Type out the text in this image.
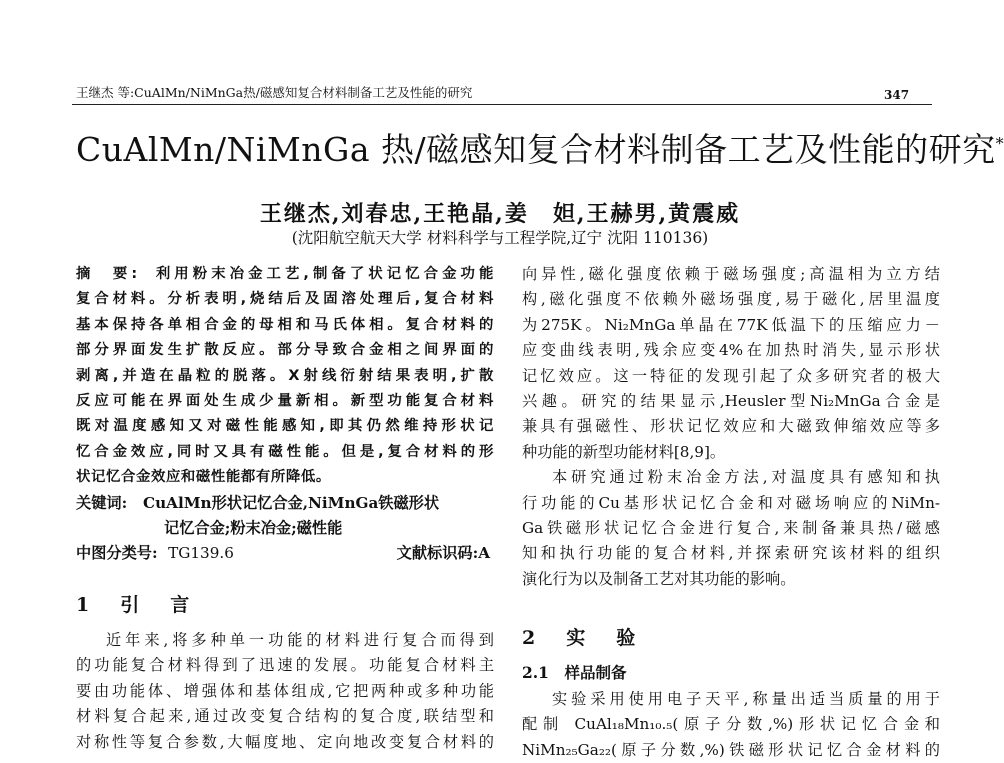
王继杰 等:CuAlMn/NiMnGa热/磁感知复合材料制备工艺及性能的研究	347
CuAlMn/NiMnGa 热/磁感知复合材料制备工艺及性能的研究*
王继杰,刘春忠,王艳晶,姜　妲,王赫男,黄震威
(沈阳航空航天大学 材料科学与工程学院,辽宁 沈阳 110136)
摘　要: 利用粉末冶金工艺,制备了状记忆合金功能
复合材料。分析表明,烧结后及固溶处理后,复合材料
基本保持各单相合金的母相和马氏体相。复合材料的
部分界面发生扩散反应。部分导致合金相之间界面的
剥离,并造在晶粒的脱落。X射线衍射结果表明,扩散
反应可能在界面处生成少量新相。新型功能复合材料
既对温度感知又对磁性能感知,即其仍然维持形状记
忆合金效应,同时又具有磁性能。但是,复合材料的形
状记忆合金效应和磁性能都有所降低。
关键词: CuAlMn形状记忆合金,NiMnGa铁磁形状
记忆合金;粉末冶金;磁性能
中图分类号: TG139.6	文献标识码:A
1　引　言
近年来,将多种单一功能的材料进行复合而得到
的功能复合材料得到了迅速的发展。功能复合材料主
要由功能体、增强体和基体组成,它把两种或多种功能
材料复合起来,通过改变复合结构的复合度,联结型和
对称性等复合参数,大幅度地、定向地改变复合材料的
向异性,磁化强度依赖于磁场强度;高温相为立方结
构,磁化强度不依赖外磁场强度,易于磁化,居里温度
为275K。Ni₂MnGa单晶在77K低温下的压缩应力－
应变曲线表明,残余应变4%在加热时消失,显示形状
记忆效应。这一特征的发现引起了众多研究者的极大
兴趣。研究的结果显示,Heusler型Ni₂MnGa合金是
兼具有强磁性、形状记忆效应和大磁致伸缩效应等多
种功能的新型功能材料[8,9]。
本研究通过粉末冶金方法,对温度具有感知和执
行功能的Cu基形状记忆合金和对磁场响应的NiMn-
Ga铁磁形状记忆合金进行复合,来制备兼具热/磁感
知和执行功能的复合材料,并探索研究该材料的组织
演化行为以及制备工艺对其功能的影响。
2　实　验
2.1　样品制备
实验采用使用电子天平,称量出适当质量的用于
配制 CuAl₁₈Mn₁₀.₅(原子分数,%)形状记忆合金和
NiMn₂₅Ga₂₂(原子分数,%)铁磁形状记忆合金材料的
